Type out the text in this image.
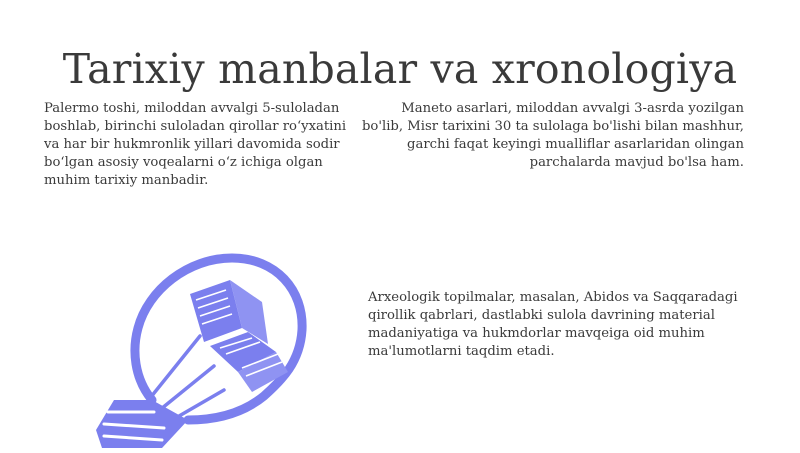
Tarixiy manbalar va xronologiya
Palermo toshi, miloddan avvalgi 5-suloladan boshlab, birinchi suloladan qirollar ro‘yxatini va har bir hukmronlik yillari davomida sodir bo‘lgan asosiy voqealarni o‘z ichiga olgan muhim tarixiy manbadir.
Maneto asarlari, miloddan avvalgi 3-asrda yozilgan bo'lib, Misr tarixini 30 ta sulolaga bo'lishi bilan mashhur, garchi faqat keyingi mualliflar asarlaridan olingan parchalarda mavjud bo'lsa ham.
Arxeologik topilmalar, masalan, Abidos va Saqqaradagi qirollik qabrlari, dastlabki sulola davrining material madaniyatiga va hukmdorlar mavqeiga oid muhim ma'lumotlarni taqdim etadi.
